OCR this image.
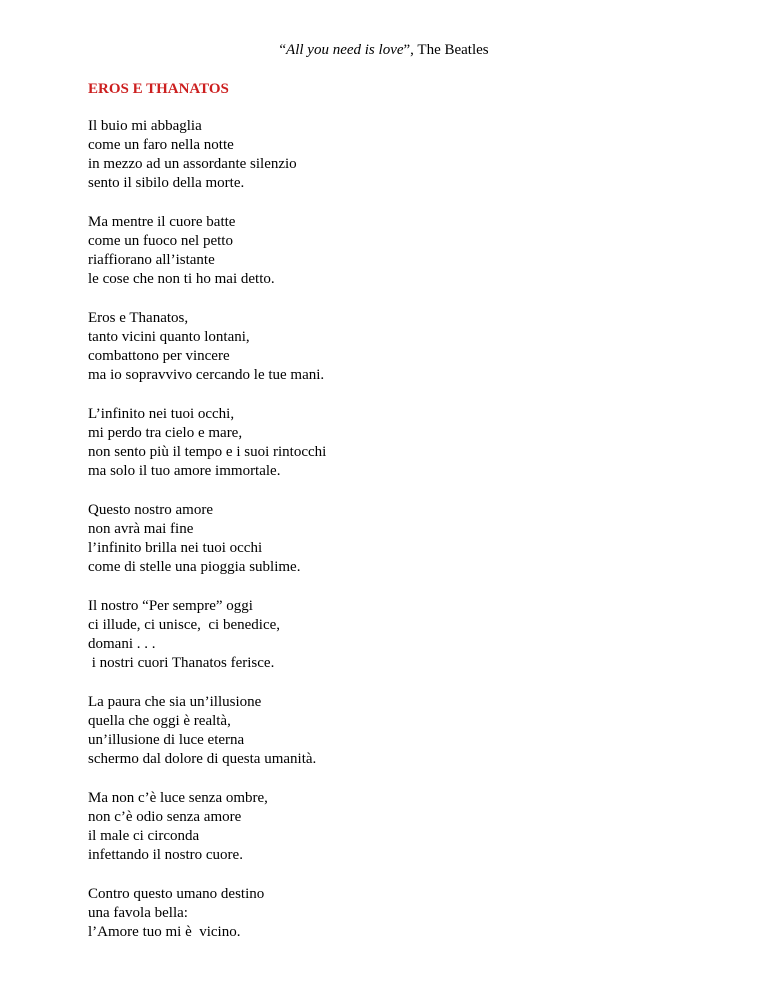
“All you need is love”, The Beatles
EROS E THANATOS
Il buio mi abbaglia
come un faro nella notte
in mezzo ad un assordante silenzio
sento il sibilo della morte.
Ma mentre il cuore batte
come un fuoco nel petto
riaffiorano all’istante
le cose che non ti ho mai detto.
Eros e Thanatos,
tanto vicini quanto lontani,
combattono per vincere
ma io sopravvivo cercando le tue mani.
L’infinito nei tuoi occhi,
mi perdo tra cielo e mare,
non sento più il tempo e i suoi rintocchi
ma solo il tuo amore immortale.
Questo nostro amore
non avrà mai fine
l’infinito brilla nei tuoi occhi
come di stelle una pioggia sublime.
Il nostro “Per sempre” oggi
ci illude, ci unisce,  ci benedice,
domani . . .
i nostri cuori Thanatos ferisce.
La paura che sia un’illusione
quella che oggi è realtà,
un’illusione di luce eterna
schermo dal dolore di questa umanità.
Ma non c’è luce senza ombre,
non c’è odio senza amore
il male ci circonda
infettando il nostro cuore.
Contro questo umano destino
una favola bella:
l’Amore tuo mi è  vicino.
